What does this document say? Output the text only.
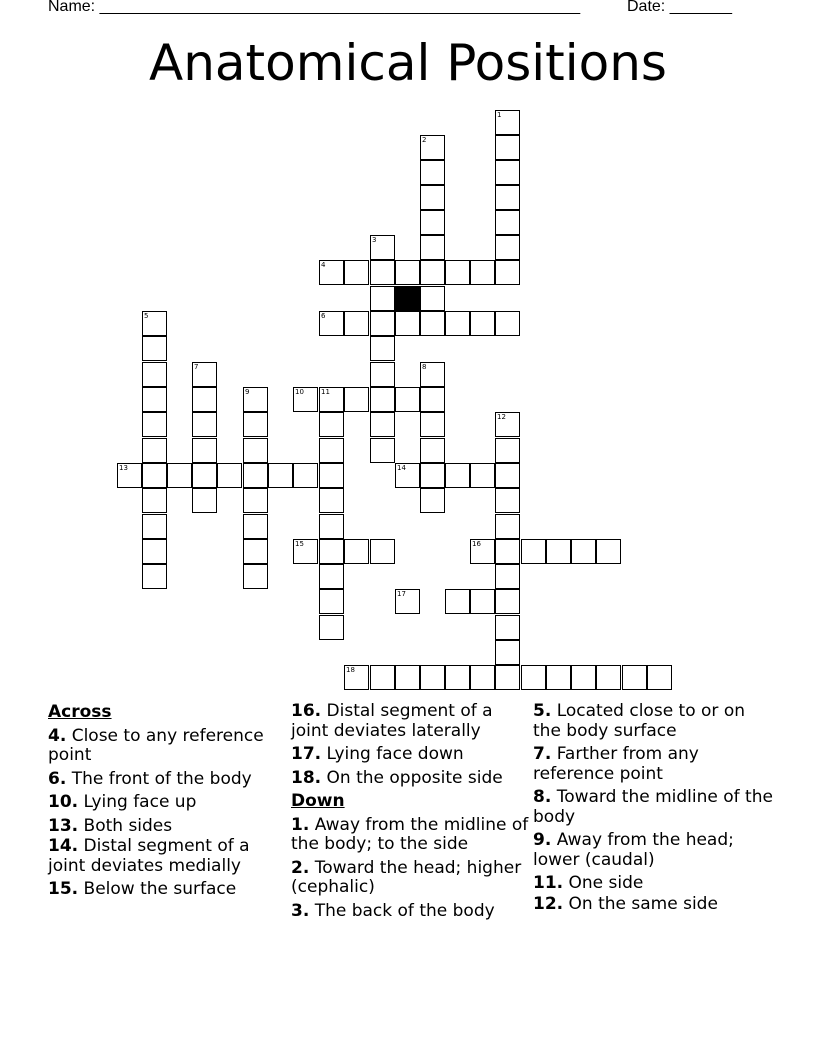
Name: ______________________________________________________	Date: _______
Anatomical Positions
1
2
3
4
6
5
7
9	10 11
8
13	14
12
15	16
17
18
Across
4. Close to any reference point
6. The front of the body
10. Lying face up
13. Both sides
14. Distal segment of a joint deviates medially
15. Below the surface
16. Distal segment of a joint deviates laterally
17. Lying face down
18. On the opposite side
Down
1. Away from the midline of the body; to the side
2. Toward the head; higher (cephalic)
3. The back of the body
5. Located close to or on the body surface
7. Farther from any reference point
8. Toward the midline of the body
9. Away from the head; lower (caudal)
11. One side
12. On the same side
